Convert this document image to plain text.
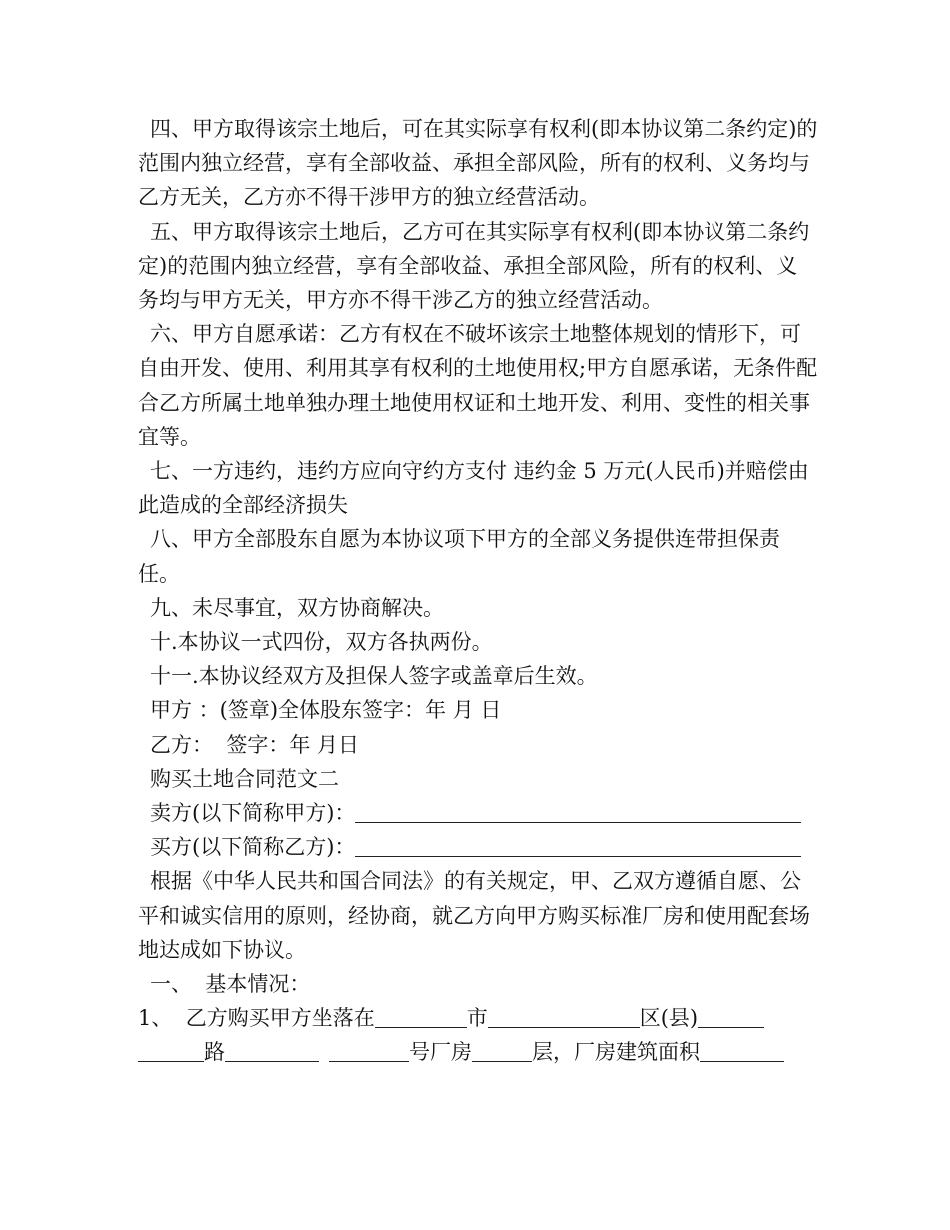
四、甲方取得该宗土地后，可在其实际享有权利(即本协议第二条约定)的范围内独立经营，享有全部收益、承担全部风险，所有的权利、义务均与乙方无关，乙方亦不得干涉甲方的独立经营活动。

五、甲方取得该宗土地后，乙方可在其实际享有权利(即本协议第二条约定)的范围内独立经营，享有全部收益、承担全部风险，所有的权利、义务均与甲方无关，甲方亦不得干涉乙方的独立经营活动。

六、甲方自愿承诺：乙方有权在不破坏该宗土地整体规划的情形下，可自由开发、使用、利用其享有权利的土地使用权;甲方自愿承诺，无条件配合乙方所属土地单独办理土地使用权证和土地开发、利用、变性的相关事宜等。

七、一方违约，违约方应向守约方支付 违约金 5 万元(人民币)并赔偿由此造成的全部经济损失

八、甲方全部股东自愿为本协议项下甲方的全部义务提供连带担保责任。

九、未尽事宜，双方协商解决。

十.本协议一式四份，双方各执两份。

十一.本协议经双方及担保人签字或盖章后生效。

甲方 ：(签章)全体股东签字：年 月 日

乙方：  签字：年 月日

购买土地合同范文二

卖方(以下简称甲方)：

买方(以下简称乙方)：

根据《中华人民共和国合同法》的有关规定，甲、乙双方遵循自愿、公平和诚实信用的原则，经协商，就乙方向甲方购买标准厂房和使用配套场地达成如下协议。

一、  基本情况：

1、  乙方购买甲方坐落在	市	区(县)路	号厂房	层，厂房建筑面积
